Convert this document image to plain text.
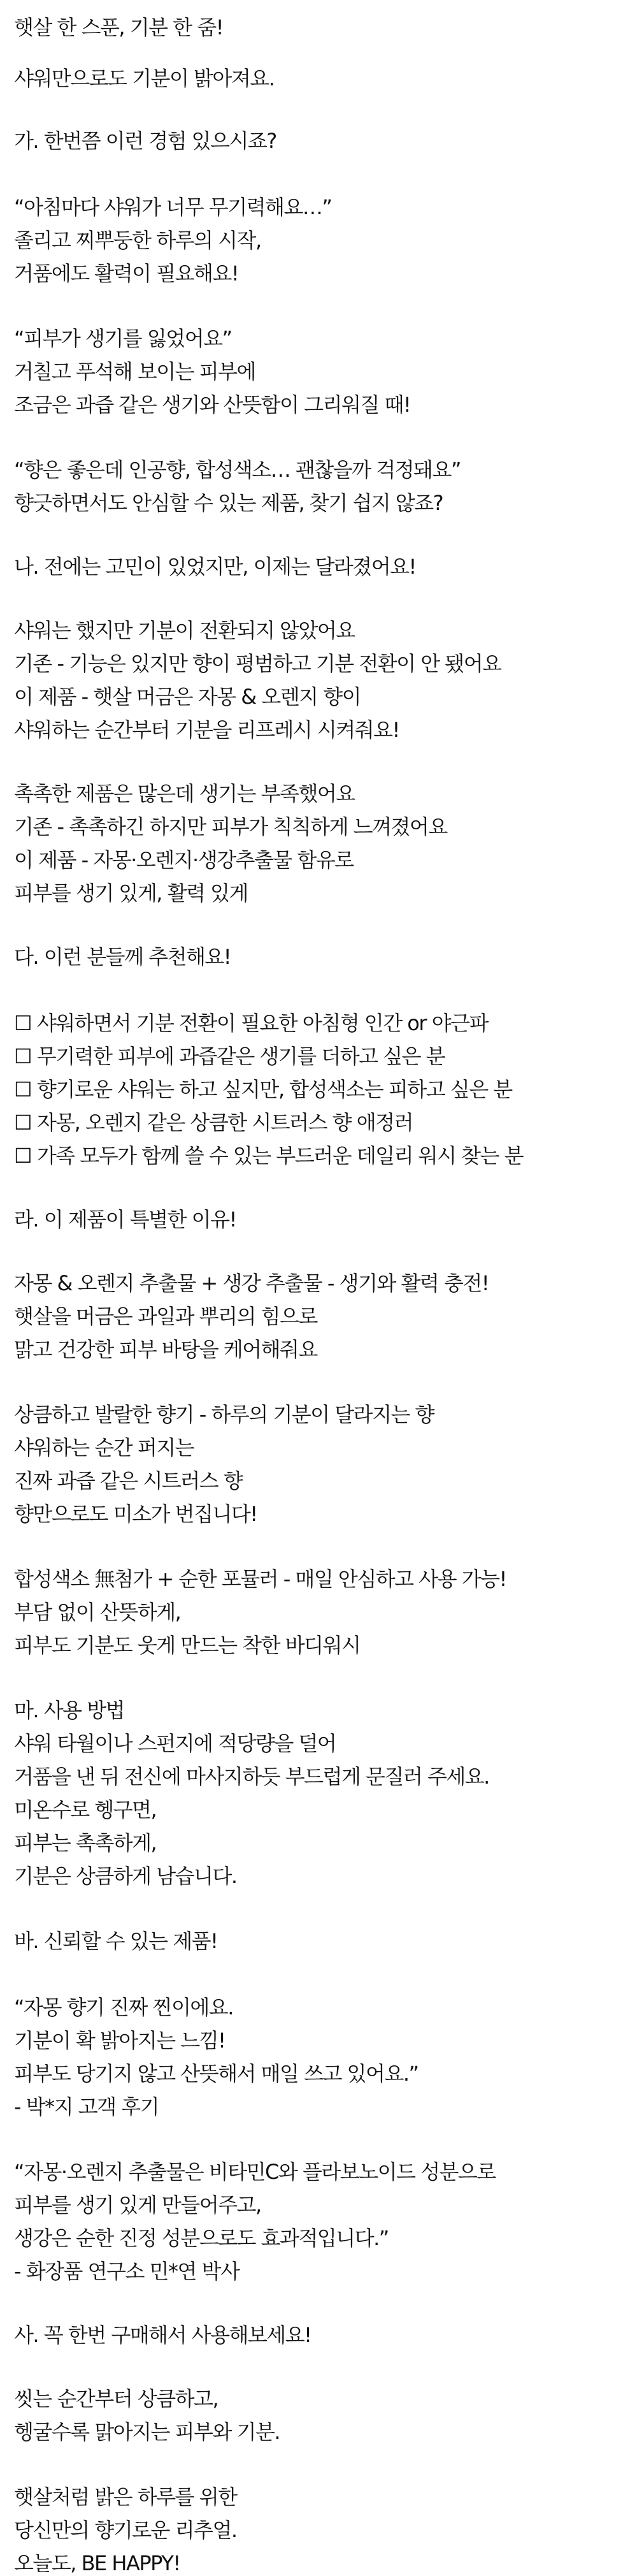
햇살 한 스푼, 기분 한 줌!

샤워만으로도 기분이 밝아져요.

가. 한번쯤 이런 경험 있으시죠?

“아침마다 샤워가 너무 무기력해요…”

졸리고 찌뿌둥한 하루의 시작,

거품에도 활력이 필요해요!

“피부가 생기를 잃었어요”

거칠고 푸석해 보이는 피부에

조금은 과즙 같은 생기와 산뜻함이 그리워질 때!

“향은 좋은데 인공향, 합성색소… 괜찮을까 걱정돼요”

향긋하면서도 안심할 수 있는 제품, 찾기 쉽지 않죠?

나. 전에는 고민이 있었지만, 이제는 달라졌어요!

샤워는 했지만 기분이 전환되지 않았어요

기존 - 기능은 있지만 향이 평범하고 기분 전환이 안 됐어요

이 제품 - 햇살 머금은 자몽 & 오렌지 향이

샤워하는 순간부터 기분을 리프레시 시켜줘요!

촉촉한 제품은 많은데 생기는 부족했어요

기존 - 촉촉하긴 하지만 피부가 칙칙하게 느껴졌어요

이 제품 - 자몽·오렌지·생강추출물 함유로

피부를 생기 있게, 활력 있게

다. 이런 분들께 추천해요!

☐ 샤워하면서 기분 전환이 필요한 아침형 인간 or 야근파

☐ 무기력한 피부에 과즙같은 생기를 더하고 싶은 분

☐ 향기로운 샤워는 하고 싶지만, 합성색소는 피하고 싶은 분

☐ 자몽, 오렌지 같은 상큼한 시트러스 향 애정러

☐ 가족 모두가 함께 쓸 수 있는 부드러운 데일리 워시 찾는 분

라. 이 제품이 특별한 이유!

자몽 & 오렌지 추출물 + 생강 추출물 - 생기와 활력 충전!

햇살을 머금은 과일과 뿌리의 힘으로

맑고 건강한 피부 바탕을 케어해줘요

상큼하고 발랄한 향기 - 하루의 기분이 달라지는 향

샤워하는 순간 퍼지는

진짜 과즙 같은 시트러스 향

향만으로도 미소가 번집니다!

합성색소 無첨가 + 순한 포뮬러 - 매일 안심하고 사용 가능!

부담 없이 산뜻하게,

피부도 기분도 웃게 만드는 착한 바디워시

마. 사용 방법

샤워 타월이나 스펀지에 적당량을 덜어

거품을 낸 뒤 전신에 마사지하듯 부드럽게 문질러 주세요.

미온수로 헹구면,

피부는 촉촉하게,

기분은 상큼하게 남습니다.

바. 신뢰할 수 있는 제품!

“자몽 향기 진짜 찐이에요.

기분이 확 밝아지는 느낌!

피부도 당기지 않고 산뜻해서 매일 쓰고 있어요.”

- 박*지 고객 후기

“자몽·오렌지 추출물은 비타민C와 플라보노이드 성분으로

피부를 생기 있게 만들어주고,

생강은 순한 진정 성분으로도 효과적입니다.”

- 화장품 연구소 민*연 박사

사. 꼭 한번 구매해서 사용해보세요!

씻는 순간부터 상큼하고,

헹굴수록 맑아지는 피부와 기분.

햇살처럼 밝은 하루를 위한

당신만의 향기로운 리추얼.

오늘도, BE HAPPY!
